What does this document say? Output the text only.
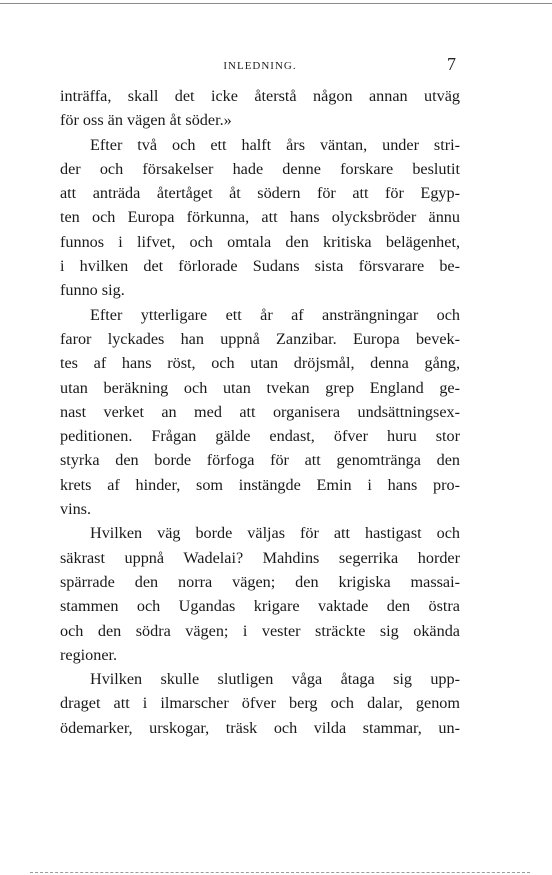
INLEDNING.	7
inträffa, skall det icke återstå någon annan utväg
för oss än vägen åt söder.»
Efter två och ett halft års väntan, under stri-
der och försakelser hade denne forskare beslutit
att anträda återtåget åt södern för att för Egyp-
ten och Europa förkunna, att hans olycksbröder ännu
funnos i lifvet, och omtala den kritiska belägenhet,
i hvilken det förlorade Sudans sista försvarare be-
funno sig.
Efter ytterligare ett år af ansträngningar och
faror lyckades han uppnå Zanzibar. Europa bevek-
tes af hans röst, och utan dröjsmål, denna gång,
utan beräkning och utan tvekan grep England ge-
nast verket an med att organisera undsättningsex-
peditionen. Frågan gälde endast, öfver huru stor
styrka den borde förfoga för att genomtränga den
krets af hinder, som instängde Emin i hans pro-
vins.
Hvilken väg borde väljas för att hastigast och
säkrast uppnå Wadelai? Mahdins segerrika horder
spärrade den norra vägen; den krigiska massai-
stammen och Ugandas krigare vaktade den östra
och den södra vägen; i vester sträckte sig okända
regioner.
Hvilken skulle slutligen våga åtaga sig upp-
draget att i ilmarscher öfver berg och dalar, genom
ödemarker, urskogar, träsk och vilda stammar, un-
